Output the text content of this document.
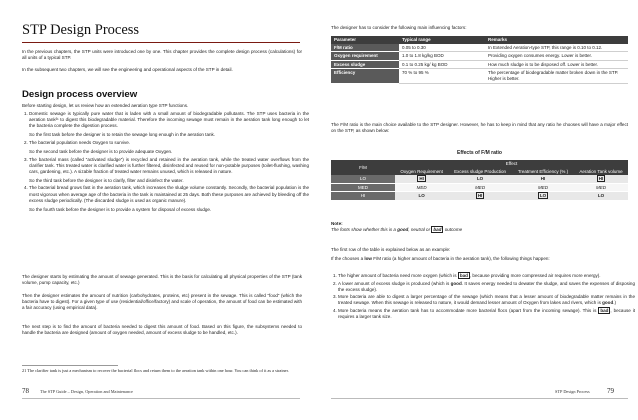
STP Design Process
In the previous chapters, the STP units were introduced one by one. This chapter provides the complete design process (calculations) for all units of a typical STP.
In the subsequent two chapters, we will see the engineering and operational aspects of the STP in detail.
Design process overview
Before starting design, let us review how an extended aeration type STP functions.
1. Domestic sewage is typically pure water that is laden with a small amount of biodegradable pollutants. The STP uses bacteria in the aeration tank²¹ to digest this biodegradable material. Therefore the incoming sewage must remain in the aeration tank long enough to let the bacteria complete the digestion process.
So the first task before the designer is to retain the sewage long enough in the aeration tank.
2. The bacterial population needs Oxygen to survive.
So the second task before the designer is to provide adequate Oxygen.
3. The bacterial mass (called “activated sludge”) is recycled and retained in the aeration tank, while the treated water overflows from the clarifier tank. This treated water is clarified water is further filtered, disinfected and reused for non-potable purposes (toilet-flushing, washing cars, gardening, etc.). A sizable fraction of treated water remains unused, which is released in nature.
So the third task before the designer is to clarify, filter and disinfect the water.
4. The bacterial bread grows fast in the aeration tank, which increases the sludge volume constantly. Secondly, the bacterial population is the most vigorous when average age of the bacteria in the tank is maintained at 25 days. Both these purposes are achieved by bleeding off the excess sludge periodically. (The discarded sludge is used as organic manure).
So the fourth task before the designer is to provide a system for disposal of excess sludge.
The designer starts by estimating the amount of sewage generated. This is the basis for calculating all physical properties of the STP (tank volume, pump capacity, etc.)
Then the designer estimates the amount of nutrition (carbohydrates, proteins, etc) present in the sewage. This is called “food” (which the bacteria have to digest). For a given type of use (residential/office/factory) and scale of operation, the amount of food can be estimated with a fair accuracy (using empirical data).
The next step is to find the amount of bacteria needed to digest this amount of food. Based on this figure, the subsystems needed to handle the bacteria are designed (amount of oxygen needed, amount of excess sludge to be handled, etc.).
21 The clarifier tank is just a mechanism to recover the bacterial flocs and return them to the aeration tank within one hour. You can think of it as a strainer.
78	The STP Guide – Design, Operation and Maintenance
The designer has to consider the following main influencing factors:
Parameter	Typical range	Remarks
F/M ratio	0.05 to 0.30	In Extended Aeration-type STP, this range is 0.10 to 0.12.
Oxygen requirement	1.0 to 1.8 kg/kg BOD	Providing oxygen consumes energy. Lower is better.
Excess sludge	0.1 to 0.25 kg/ kg BOD	How much sludge is to be disposed off. Lower is better.
Efficiency	70 % to 95 %	The percentage of biodegradable matter broken down in the STP. Higher is better.
The F/M ratio is the main choice available to the STP designer. However, he has to keep in mind that any ratio he chooses will have a major effect on the STP, as shown below:
Effects of F/M ratio
F/M	Effect			
	Oxygen Requirement	Excess sludge Production	Treatment Efficiency (% )	Aeration Tank volume
LO	HI	LO	HI	HI
MED	MED	MED	MED	MED
HI	LO	HI	LO	LO
Note:
The fonts show whether this is a good, neutral or bad outcome
The first row of the table is explained below as an example:
If the chooses a low F/M ratio (a higher amount of bacteria in the aeration tank), the following things happen:
1. The higher amount of bacteria need more oxygen (which is bad , because providing more compressed air requires more energy).
2. A lower amount of excess sludge is produced (which is good. It saves energy needed to dewater the sludge, and saves the expenses of disposing the excess sludge).
3. More bacteria are able to digest a larger percentage of the sewage (which means that a lesser amount of biodegradable matter remains in the treated sewage. When this sewage is released to nature, it would demand lesser amount of Oxygen from lakes and rivers, which is good.)
4. More bacteria means the aeration tank has to accommodate more bacterial flocs (apart from the incoming sewage). This is bad , because it requires a larger tank size.
STP Design Process 79
